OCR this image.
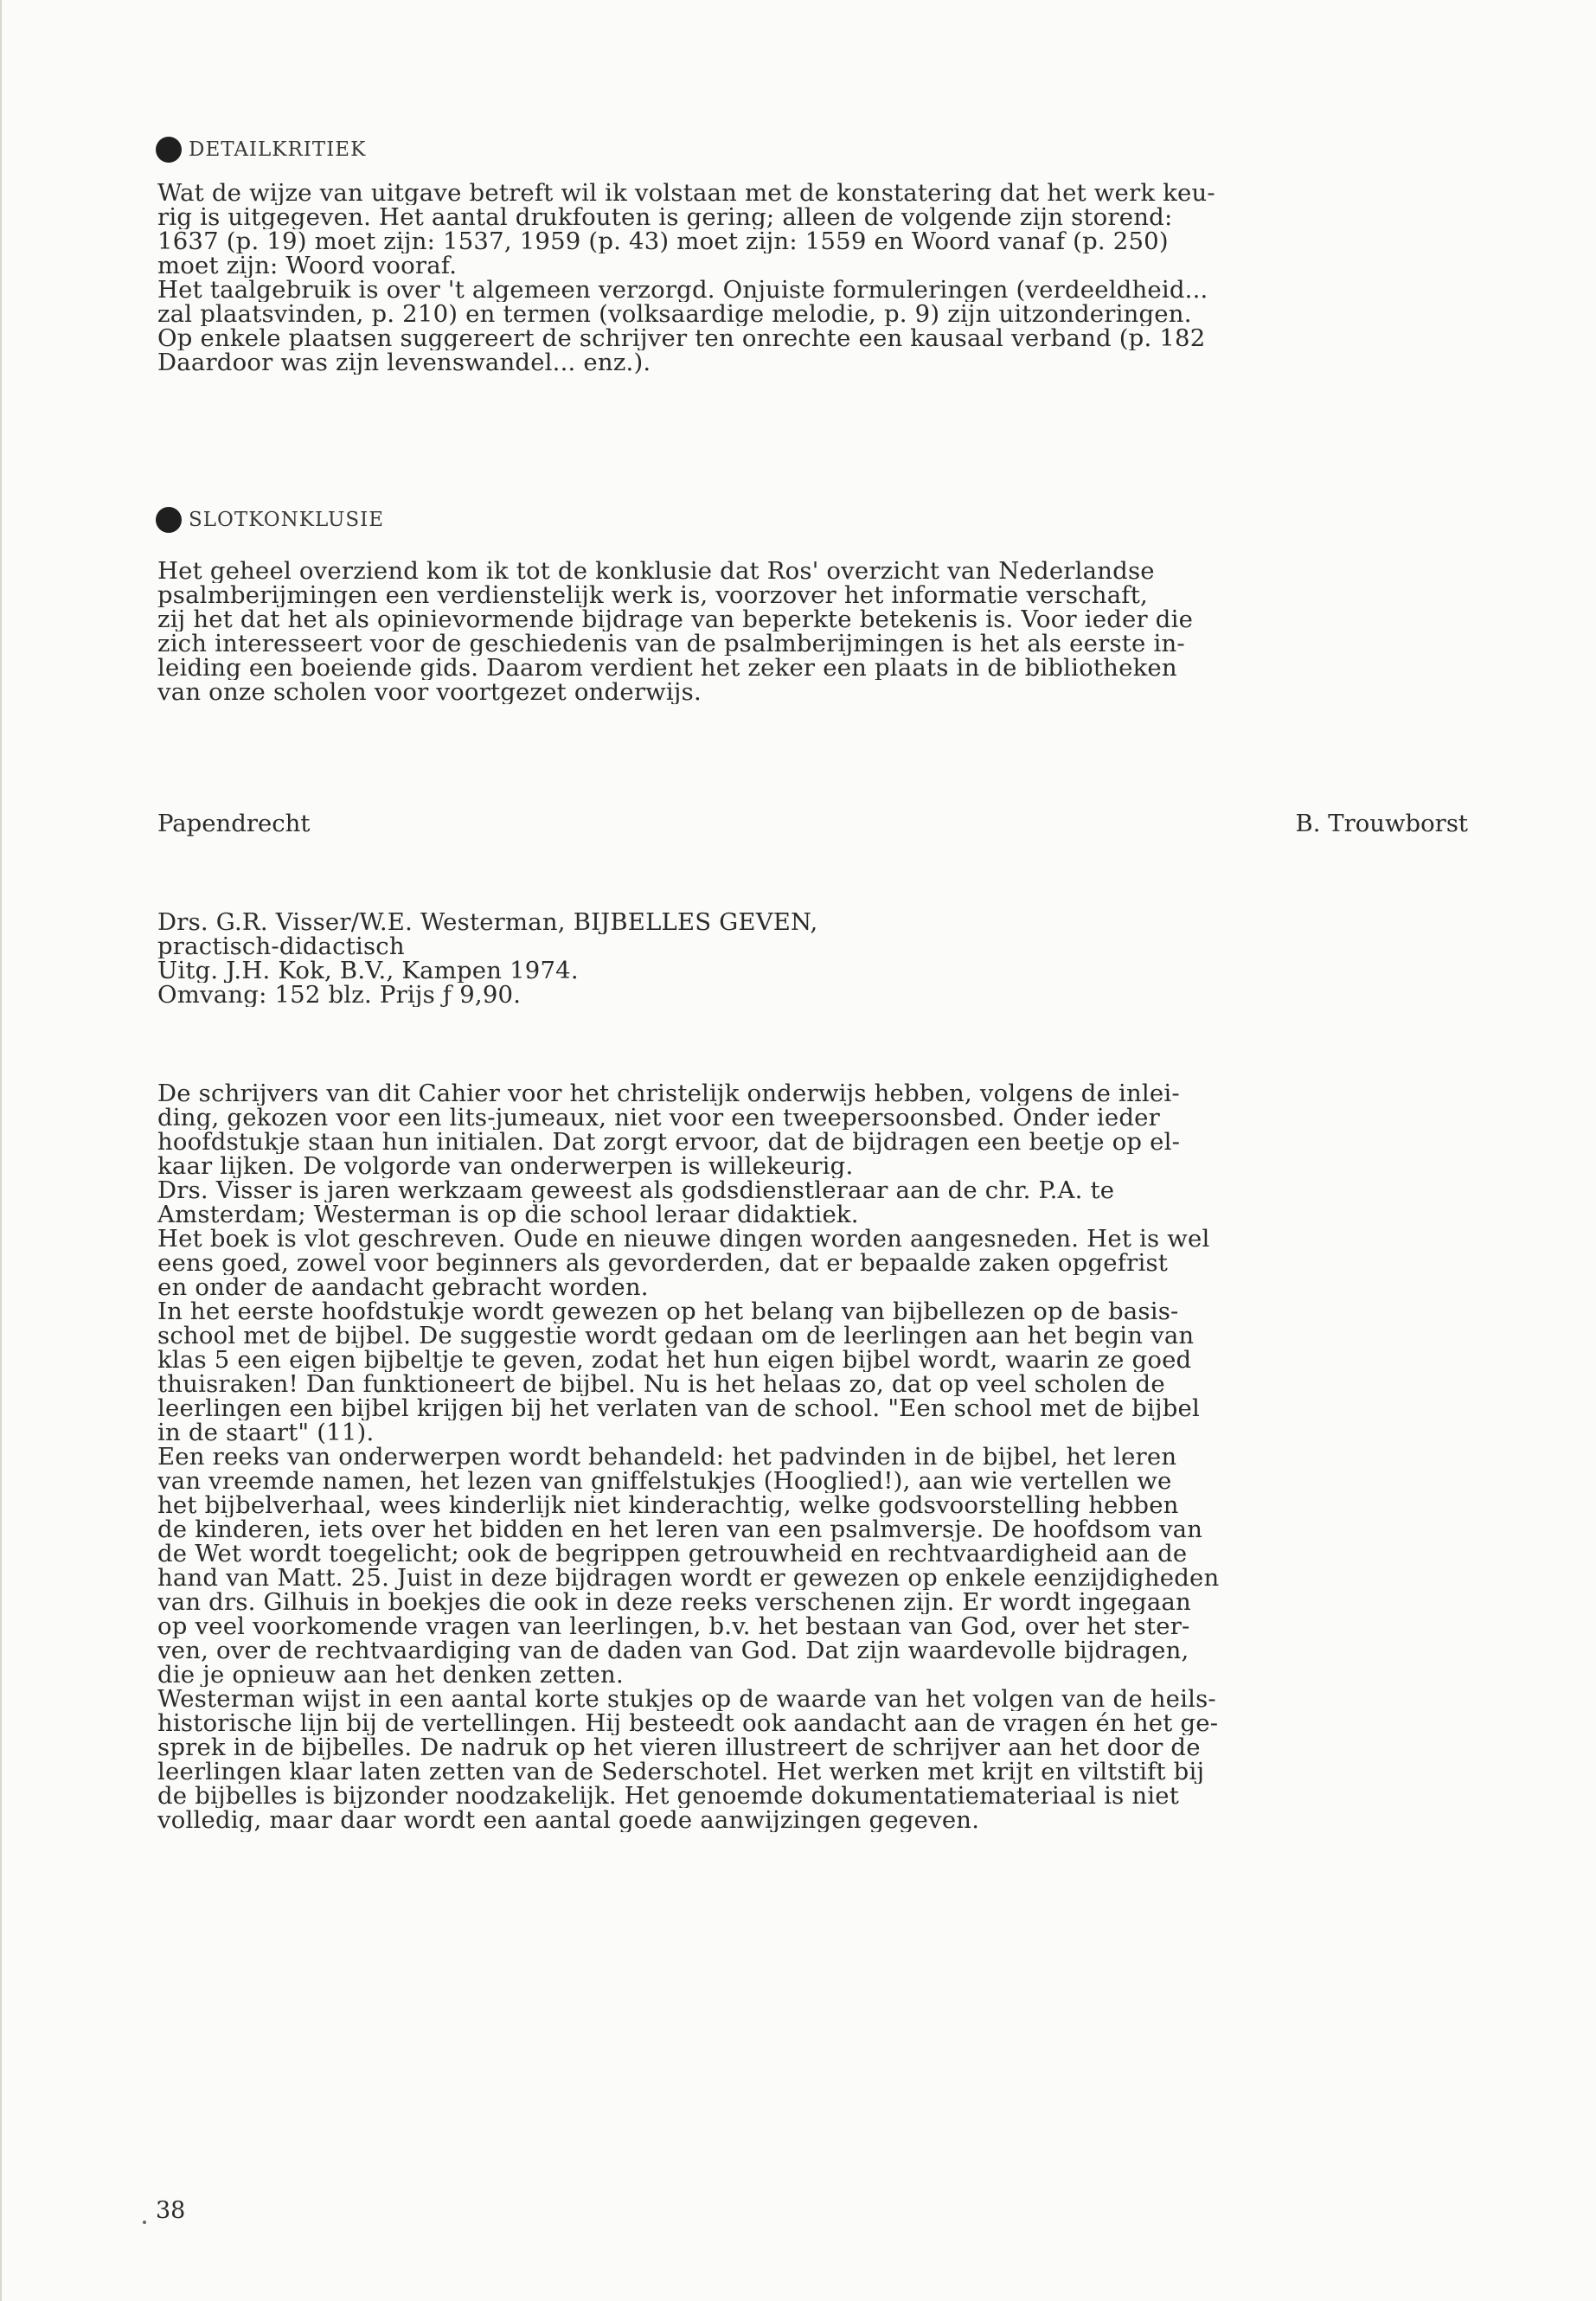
DETAILKRITIEK
Wat de wijze van uitgave betreft wil ik volstaan met de konstatering dat het werk keu-
rig is uitgegeven. Het aantal drukfouten is gering; alleen de volgende zijn storend:
1637 (p. 19) moet zijn: 1537, 1959 (p. 43) moet zijn: 1559 en Woord vanaf (p. 250)
moet zijn: Woord vooraf.
Het taalgebruik is over 't algemeen verzorgd. Onjuiste formuleringen (verdeeldheid...
zal plaatsvinden, p. 210) en termen (volksaardige melodie, p. 9) zijn uitzonderingen.
Op enkele plaatsen suggereert de schrijver ten onrechte een kausaal verband (p. 182
Daardoor was zijn levenswandel... enz.).
SLOTKONKLUSIE
Het geheel overziend kom ik tot de konklusie dat Ros' overzicht van Nederlandse
psalmberijmingen een verdienstelijk werk is, voorzover het informatie verschaft,
zij het dat het als opinievormende bijdrage van beperkte betekenis is. Voor ieder die
zich interesseert voor de geschiedenis van de psalmberijmingen is het als eerste in-
leiding een boeiende gids. Daarom verdient het zeker een plaats in de bibliotheken
van onze scholen voor voortgezet onderwijs.
Papendrecht	B. Trouwborst
Drs. G.R. Visser/W.E. Westerman, BIJBELLES GEVEN,
practisch-didactisch
Uitg. J.H. Kok, B.V., Kampen 1974.
Omvang: 152 blz. Prijs ƒ 9,90.
De schrijvers van dit Cahier voor het christelijk onderwijs hebben, volgens de inlei-
ding, gekozen voor een lits-jumeaux, niet voor een tweepersoonsbed. Onder ieder
hoofdstukje staan hun initialen. Dat zorgt ervoor, dat de bijdragen een beetje op el-
kaar lijken. De volgorde van onderwerpen is willekeurig.
Drs. Visser is jaren werkzaam geweest als godsdienstleraar aan de chr. P.A. te
Amsterdam; Westerman is op die school leraar didaktiek.
Het boek is vlot geschreven. Oude en nieuwe dingen worden aangesneden. Het is wel
eens goed, zowel voor beginners als gevorderden, dat er bepaalde zaken opgefrist
en onder de aandacht gebracht worden.
In het eerste hoofdstukje wordt gewezen op het belang van bijbellezen op de basis-
school met de bijbel. De suggestie wordt gedaan om de leerlingen aan het begin van
klas 5 een eigen bijbeltje te geven, zodat het hun eigen bijbel wordt, waarin ze goed
thuisraken! Dan funktioneert de bijbel. Nu is het helaas zo, dat op veel scholen de
leerlingen een bijbel krijgen bij het verlaten van de school. "Een school met de bijbel
in de staart" (11).
Een reeks van onderwerpen wordt behandeld: het padvinden in de bijbel, het leren
van vreemde namen, het lezen van gniffelstukjes (Hooglied!), aan wie vertellen we
het bijbelverhaal, wees kinderlijk niet kinderachtig, welke godsvoorstelling hebben
de kinderen, iets over het bidden en het leren van een psalmversje. De hoofdsom van
de Wet wordt toegelicht; ook de begrippen getrouwheid en rechtvaardigheid aan de
hand van Matt. 25. Juist in deze bijdragen wordt er gewezen op enkele eenzijdigheden
van drs. Gilhuis in boekjes die ook in deze reeks verschenen zijn. Er wordt ingegaan
op veel voorkomende vragen van leerlingen, b.v. het bestaan van God, over het ster-
ven, over de rechtvaardiging van de daden van God. Dat zijn waardevolle bijdragen,
die je opnieuw aan het denken zetten.
Westerman wijst in een aantal korte stukjes op de waarde van het volgen van de heils-
historische lijn bij de vertellingen. Hij besteedt ook aandacht aan de vragen én het ge-
sprek in de bijbelles. De nadruk op het vieren illustreert de schrijver aan het door de
leerlingen klaar laten zetten van de Sederschotel. Het werken met krijt en viltstift bij
de bijbelles is bijzonder noodzakelijk. Het genoemde dokumentatiemateriaal is niet
volledig, maar daar wordt een aantal goede aanwijzingen gegeven.
38
